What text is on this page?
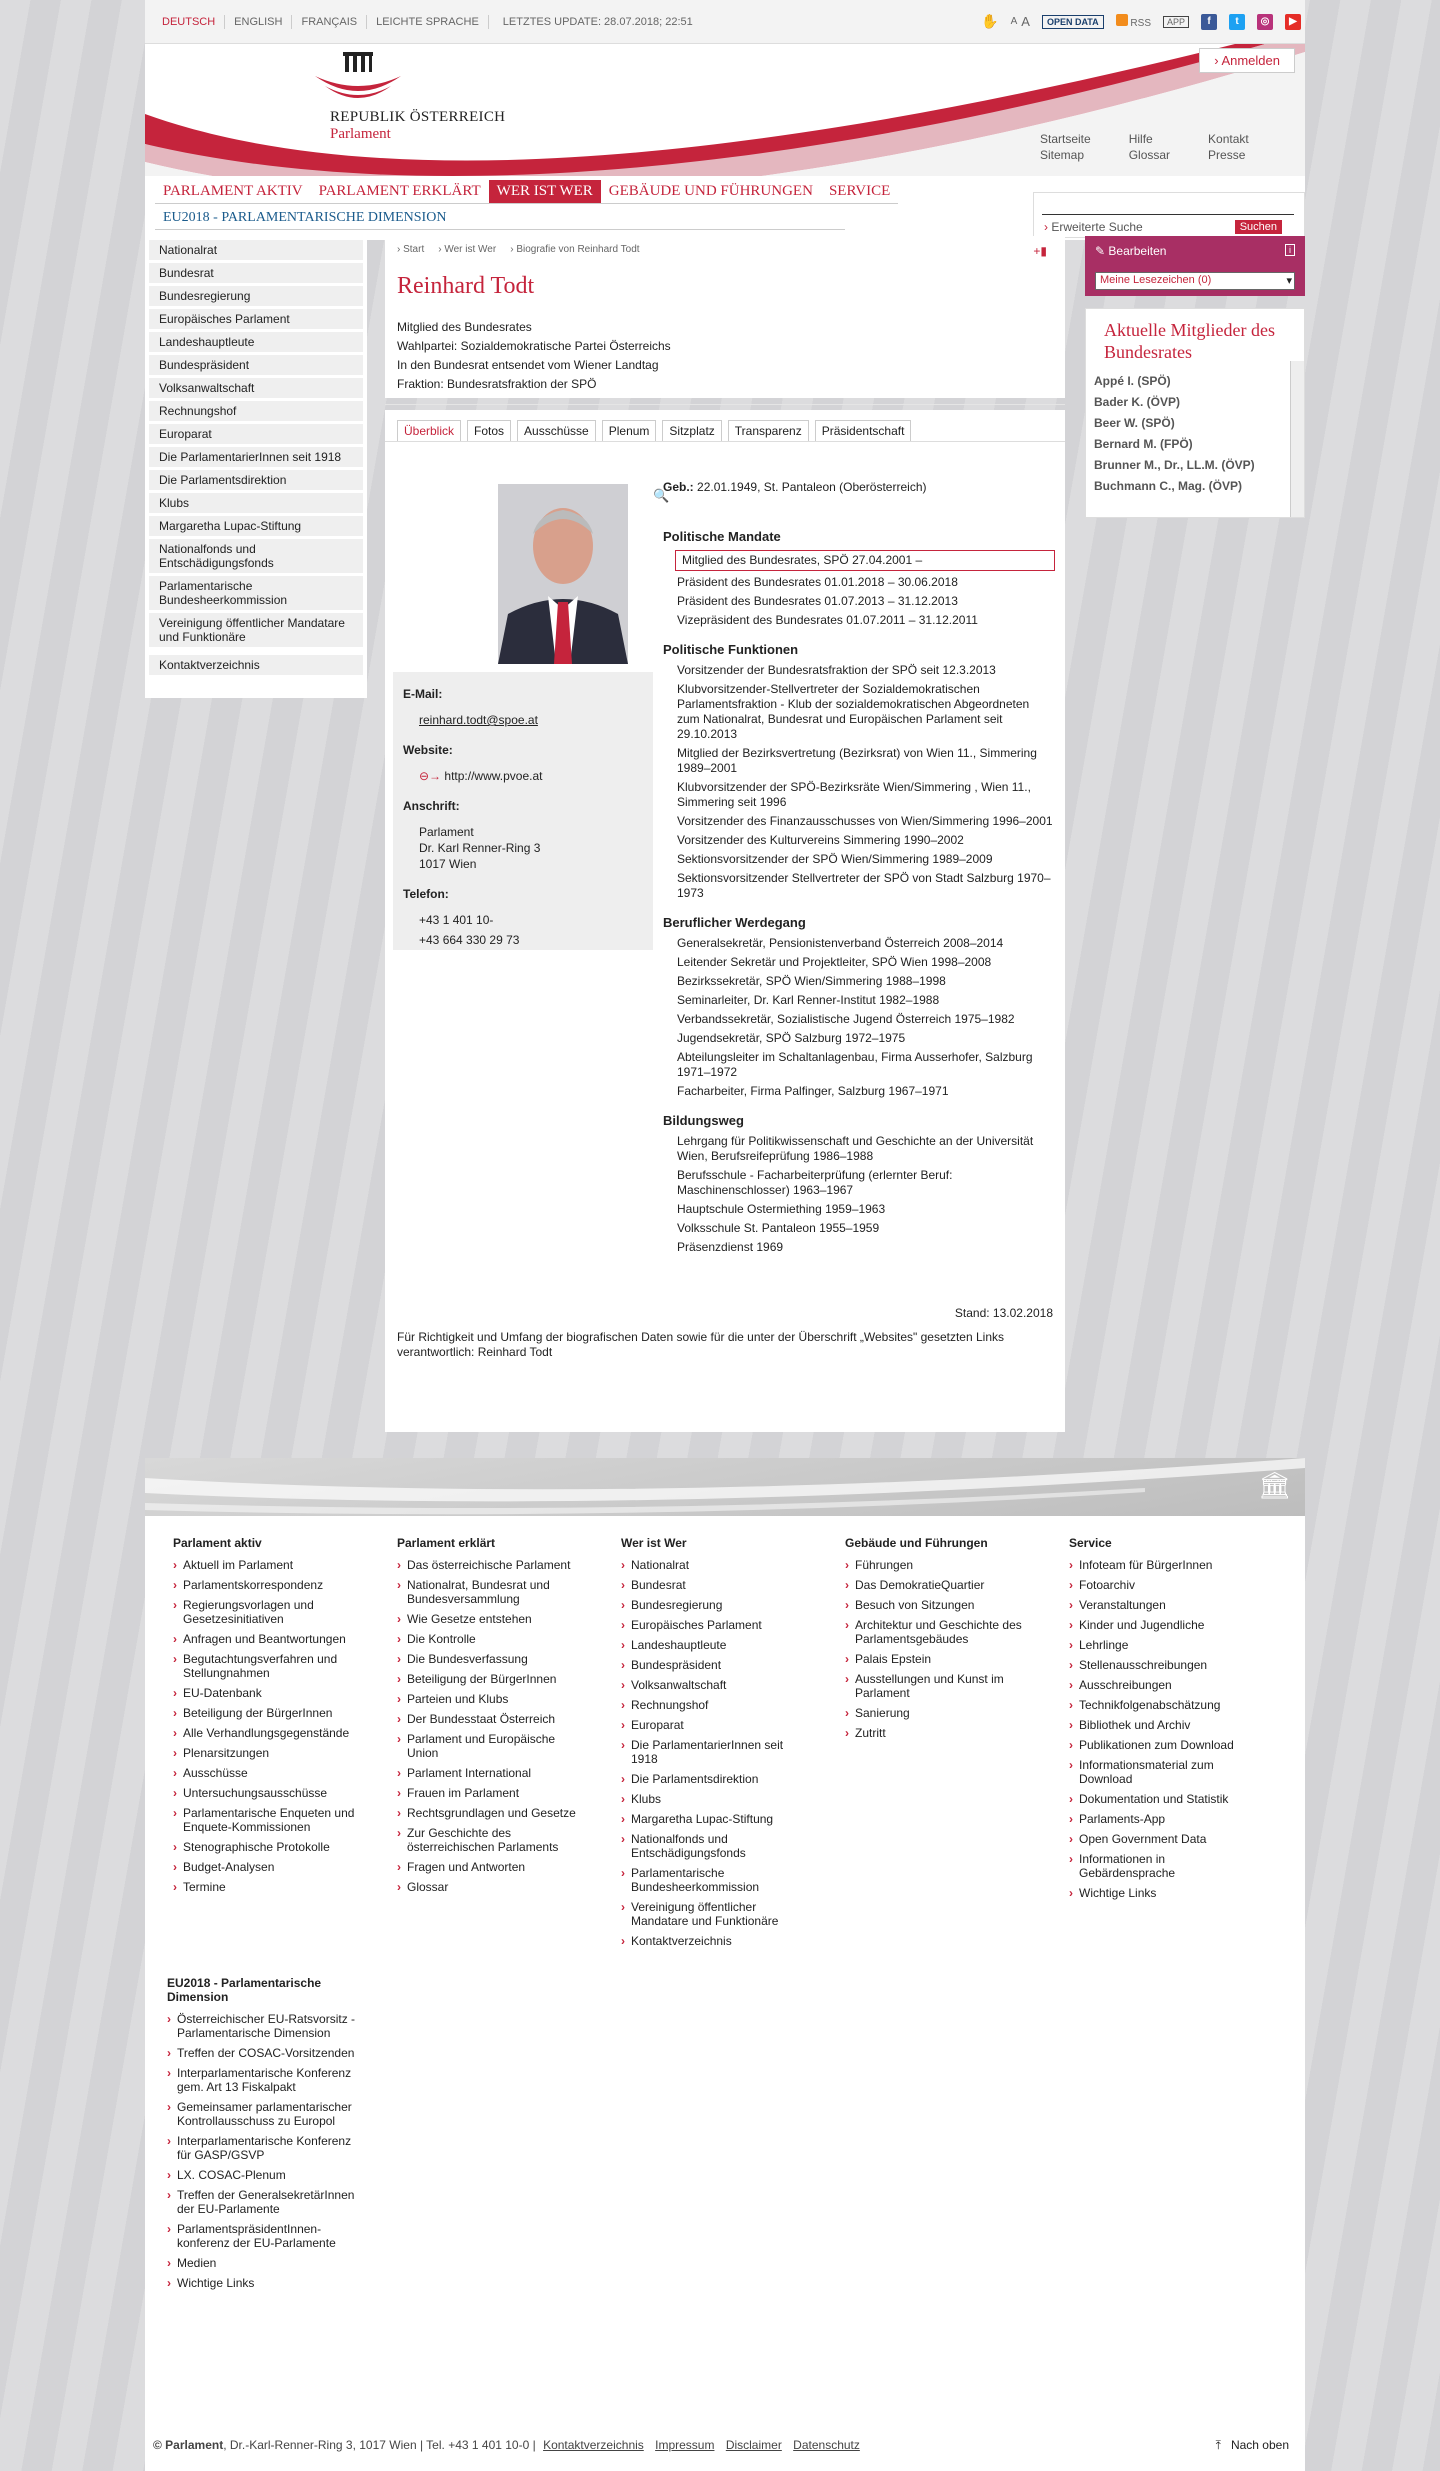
DEUTSCH	ENGLISH	FRANÇAIS	LEICHTE SPRACHE	LETZTES UPDATE: 28.07.2018; 22:51	✋ A A	OPEN DATA	RSS	APP	f	t	◎	▶
REPUBLIK ÖSTERREICH
Parlament
› Anmelden
Startseite
Sitemap
Hilfe
Glossar
Kontakt
Presse
PARLAMENT AKTIV	PARLAMENT ERKLÄRT	WER IST WER	GEBÄUDE UND FÜHRUNGEN	SERVICE
EU2018 - PARLAMENTARISCHE DIMENSION
› Erweiterte Suche	Suchen
Nationalrat
Bundesrat
Bundesregierung
Europäisches Parlament
Landeshauptleute
Bundespräsident
Volksanwaltschaft
Rechnungshof
Europarat
Die ParlamentarierInnen seit 1918
Die Parlamentsdirektion
Klubs
Margaretha Lupac-Stiftung
Nationalfonds und Entschädigungsfonds
Parlamentarische Bundesheerkommission
Vereinigung öffentlicher Mandatare und Funktionäre
Kontaktverzeichnis
› Start › Wer ist Wer › Biografie von Reinhard Todt	+▮
Reinhard Todt
Mitglied des Bundesrates
Wahlpartei: Sozialdemokratische Partei Österreichs
In den Bundesrat entsendet vom Wiener Landtag
Fraktion: Bundesratsfraktion der SPÖ
Überblick	Fotos	Ausschüsse	Plenum	Sitzplatz	Transparenz	Präsidentschaft
🔍
E-Mail:
reinhard.todt@spoe.at
Website:
⊖→ http://www.pvoe.at
Anschrift:
Parlament
Dr. Karl Renner-Ring 3
1017 Wien
Telefon:
+43 1 401 10-
+43 664 330 29 73
Geb.: 22.01.1949, St. Pantaleon (Oberösterreich)
Politische Mandate
Mitglied des Bundesrates, SPÖ 27.04.2001 –
Präsident des Bundesrates 01.01.2018 – 30.06.2018
Präsident des Bundesrates 01.07.2013 – 31.12.2013
Vizepräsident des Bundesrates 01.07.2011 – 31.12.2011
Politische Funktionen
Vorsitzender der Bundesratsfraktion der SPÖ seit 12.3.2013
Klubvorsitzender-Stellvertreter der Sozialdemokratischen Parlamentsfraktion - Klub der sozialdemokratischen Abgeordneten zum Nationalrat, Bundesrat und Europäischen Parlament seit 29.10.2013
Mitglied der Bezirksvertretung (Bezirksrat) von Wien 11., Simmering 1989–2001
Klubvorsitzender der SPÖ-Bezirksräte Wien/Simmering , Wien 11., Simmering seit 1996
Vorsitzender des Finanzausschusses von Wien/Simmering 1996–2001
Vorsitzender des Kulturvereins Simmering 1990–2002
Sektionsvorsitzender der SPÖ Wien/Simmering 1989–2009
Sektionsvorsitzender Stellvertreter der SPÖ von Stadt Salzburg 1970–1973
Beruflicher Werdegang
Generalsekretär, Pensionistenverband Österreich 2008–2014
Leitender Sekretär und Projektleiter, SPÖ Wien 1998–2008
Bezirkssekretär, SPÖ Wien/Simmering 1988–1998
Seminarleiter, Dr. Karl Renner-Institut 1982–1988
Verbandssekretär, Sozialistische Jugend Österreich 1975–1982
Jugendsekretär, SPÖ Salzburg 1972–1975
Abteilungsleiter im Schaltanlagenbau, Firma Ausserhofer, Salzburg 1971–1972
Facharbeiter, Firma Palfinger, Salzburg 1967–1971
Bildungsweg
Lehrgang für Politikwissenschaft und Geschichte an der Universität Wien, Berufsreifeprüfung 1986–1988
Berufsschule - Facharbeiterprüfung (erlernter Beruf: Maschinenschlosser) 1963–1967
Hauptschule Ostermiething 1959–1963
Volksschule St. Pantaleon 1955–1959
Präsenzdienst 1969
Stand: 13.02.2018
Für Richtigkeit und Umfang der biografischen Daten sowie für die unter der Überschrift „Websites" gesetzten Links verantwortlich: Reinhard Todt
✎ Bearbeiten	i
Meine Lesezeichen (0)	▾
Aktuelle Mitglieder des Bundesrates
Appé I. (SPÖ)
Bader K. (ÖVP)
Beer W. (SPÖ)
Bernard M. (FPÖ)
Brunner M., Dr., LL.M. (ÖVP)
Buchmann C., Mag. (ÖVP)
🏛
Parlament aktiv
› Aktuell im Parlament
› Parlamentskorrespondenz
› Regierungsvorlagen und Gesetzesinitiativen
› Anfragen und Beantwortungen
› Begutachtungsverfahren und Stellungnahmen
› EU-Datenbank
› Beteiligung der BürgerInnen
› Alle Verhandlungsgegenstände
› Plenarsitzungen
› Ausschüsse
› Untersuchungsausschüsse
› Parlamentarische Enqueten und Enquete-Kommissionen
› Stenographische Protokolle
› Budget-Analysen
› Termine
Parlament erklärt
› Das österreichische Parlament
› Nationalrat, Bundesrat und Bundesversammlung
› Wie Gesetze entstehen
› Die Kontrolle
› Die Bundesverfassung
› Beteiligung der BürgerInnen
› Parteien und Klubs
› Der Bundesstaat Österreich
› Parlament und Europäische Union
› Parlament International
› Frauen im Parlament
› Rechtsgrundlagen und Gesetze
› Zur Geschichte des österreichischen Parlaments
› Fragen und Antworten
› Glossar
Wer ist Wer
› Nationalrat
› Bundesrat
› Bundesregierung
› Europäisches Parlament
› Landeshauptleute
› Bundespräsident
› Volksanwaltschaft
› Rechnungshof
› Europarat
› Die ParlamentarierInnen seit 1918
› Die Parlamentsdirektion
› Klubs
› Margaretha Lupac-Stiftung
› Nationalfonds und Entschädigungsfonds
› Parlamentarische Bundesheerkommission
› Vereinigung öffentlicher Mandatare und Funktionäre
› Kontaktverzeichnis
Gebäude und Führungen
› Führungen
› Das DemokratieQuartier
› Besuch von Sitzungen
› Architektur und Geschichte des Parlamentsgebäudes
› Palais Epstein
› Ausstellungen und Kunst im Parlament
› Sanierung
› Zutritt
Service
› Infoteam für BürgerInnen
› Fotoarchiv
› Veranstaltungen
› Kinder und Jugendliche
› Lehrlinge
› Stellenausschreibungen
› Ausschreibungen
› Technikfolgenabschätzung
› Bibliothek und Archiv
› Publikationen zum Download
› Informationsmaterial zum Download
› Dokumentation und Statistik
› Parlaments-App
› Open Government Data
› Informationen in Gebärdensprache
› Wichtige Links
EU2018 - Parlamentarische Dimension
› Österreichischer EU-Ratsvorsitz - Parlamentarische Dimension
› Treffen der COSAC-Vorsitzenden
› Interparlamentarische Konferenz gem. Art 13 Fiskalpakt
› Gemeinsamer parlamentarischer Kontrollausschuss zu Europol
› Interparlamentarische Konferenz für GASP/GSVP
› LX. COSAC-Plenum
› Treffen der GeneralsekretärInnen der EU-Parlamente
› ParlamentspräsidentInnen-konferenz der EU-Parlamente
› Medien
› Wichtige Links
© Parlament, Dr.-Karl-Renner-Ring 3, 1017 Wien | Tel. +43 1 401 10-0 | Kontaktverzeichnis Impressum Disclaimer Datenschutz	⤒ Nach oben
